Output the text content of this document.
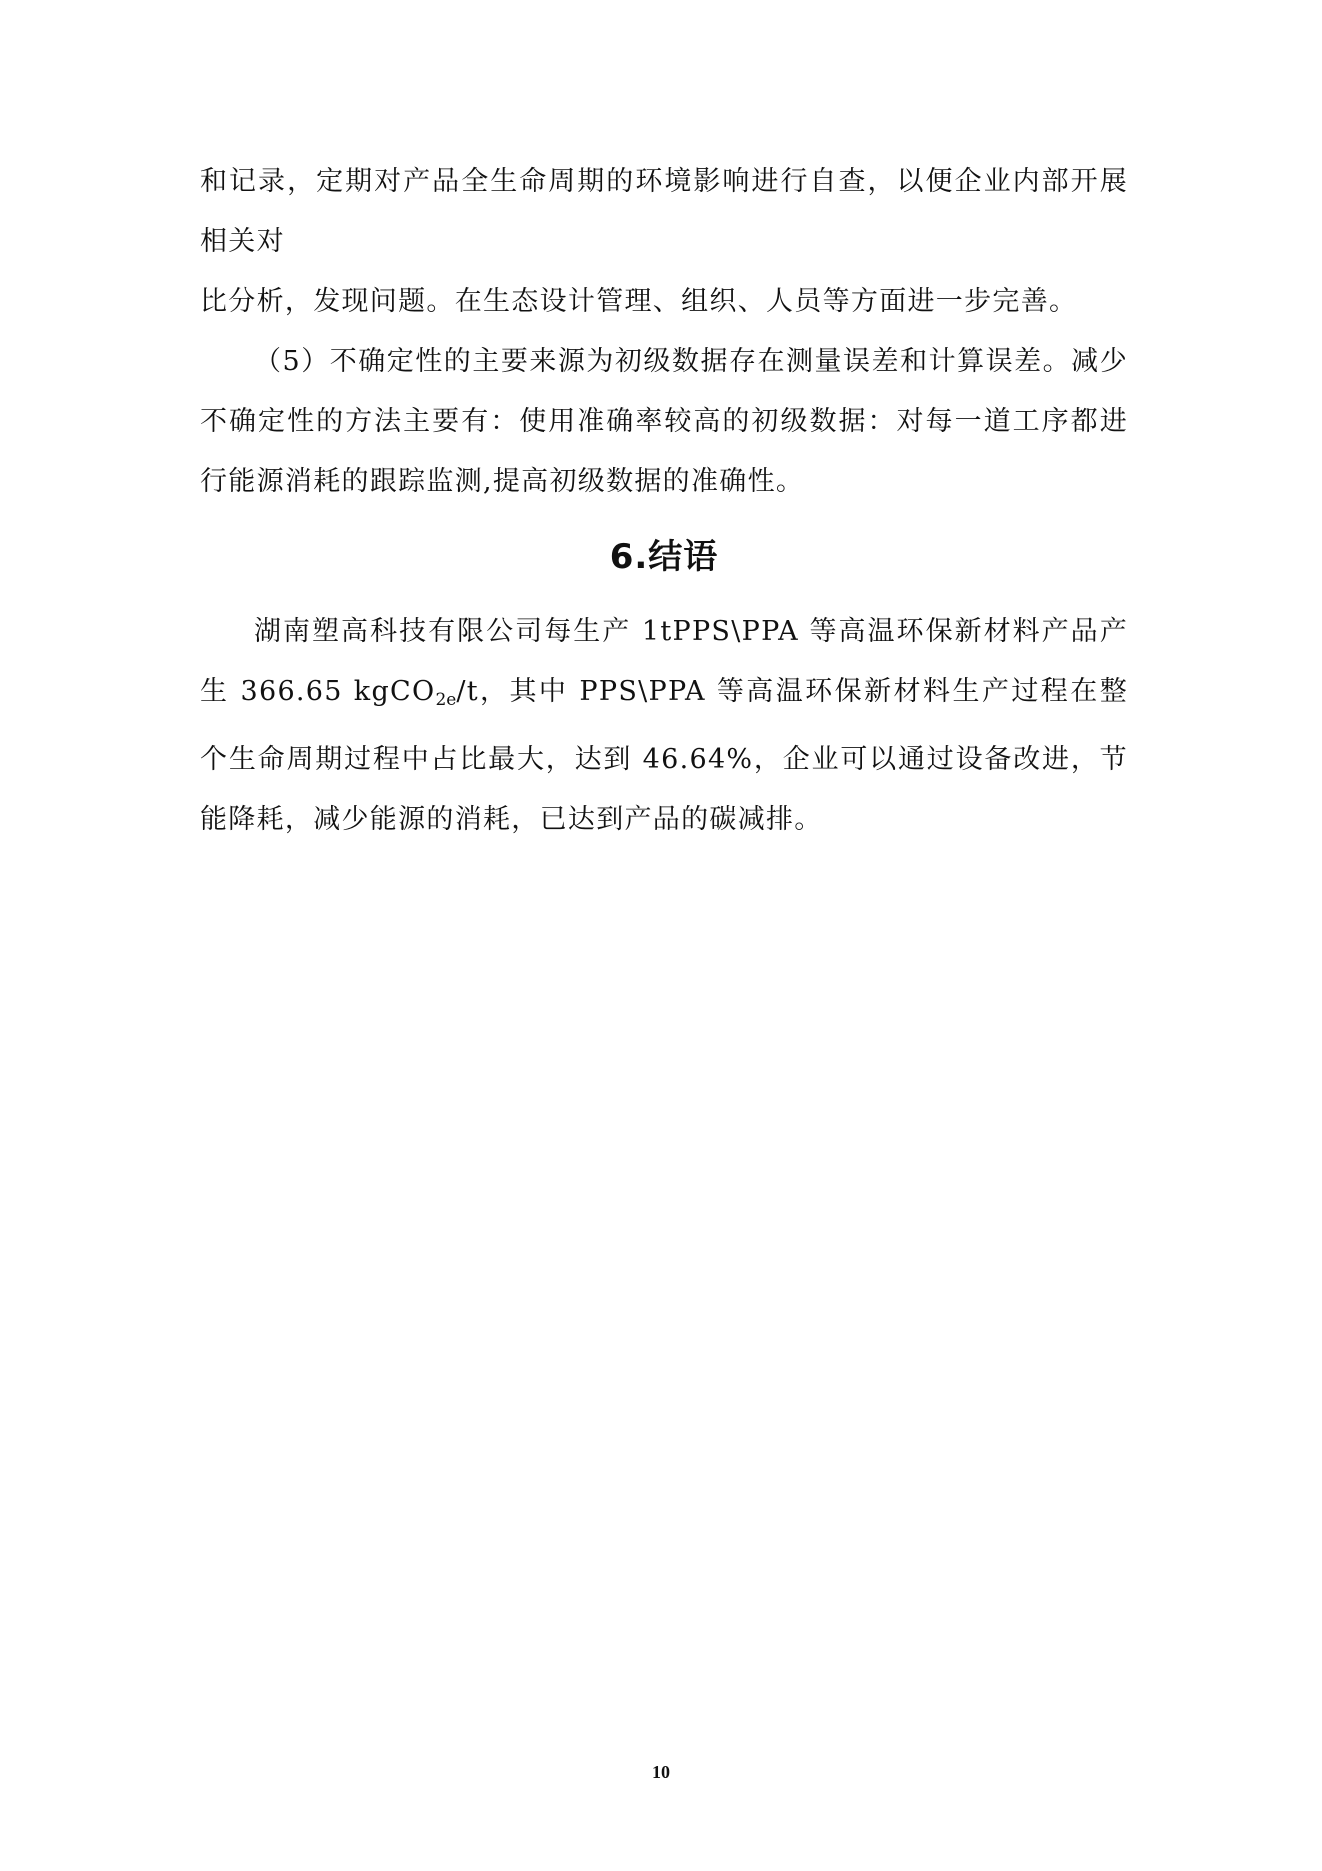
和记录，定期对产品全生命周期的环境影响进行自查，以便企业内部开展相关对
比分析，发现问题。在生态设计管理、组织、人员等方面进一步完善。

（5）不确定性的主要来源为初级数据存在测量误差和计算误差。减少不确定性的方法主要有：使用准确率较高的初级数据：对每一道工序都进行能源消耗的跟踪监测,提高初级数据的准确性。

6.结语

湖南塑高科技有限公司每生产 1tPPS\PPA 等高温环保新材料产品产生 366.65 kgCO$_{2e}$/t，其中 PPS\PPA 等高温环保新材料生产过程在整个生命周期过程中占比最大，达到 46.64%，企业可以通过设备改进，节能降耗，减少能源的消耗，已达到产品的碳减排。

10
